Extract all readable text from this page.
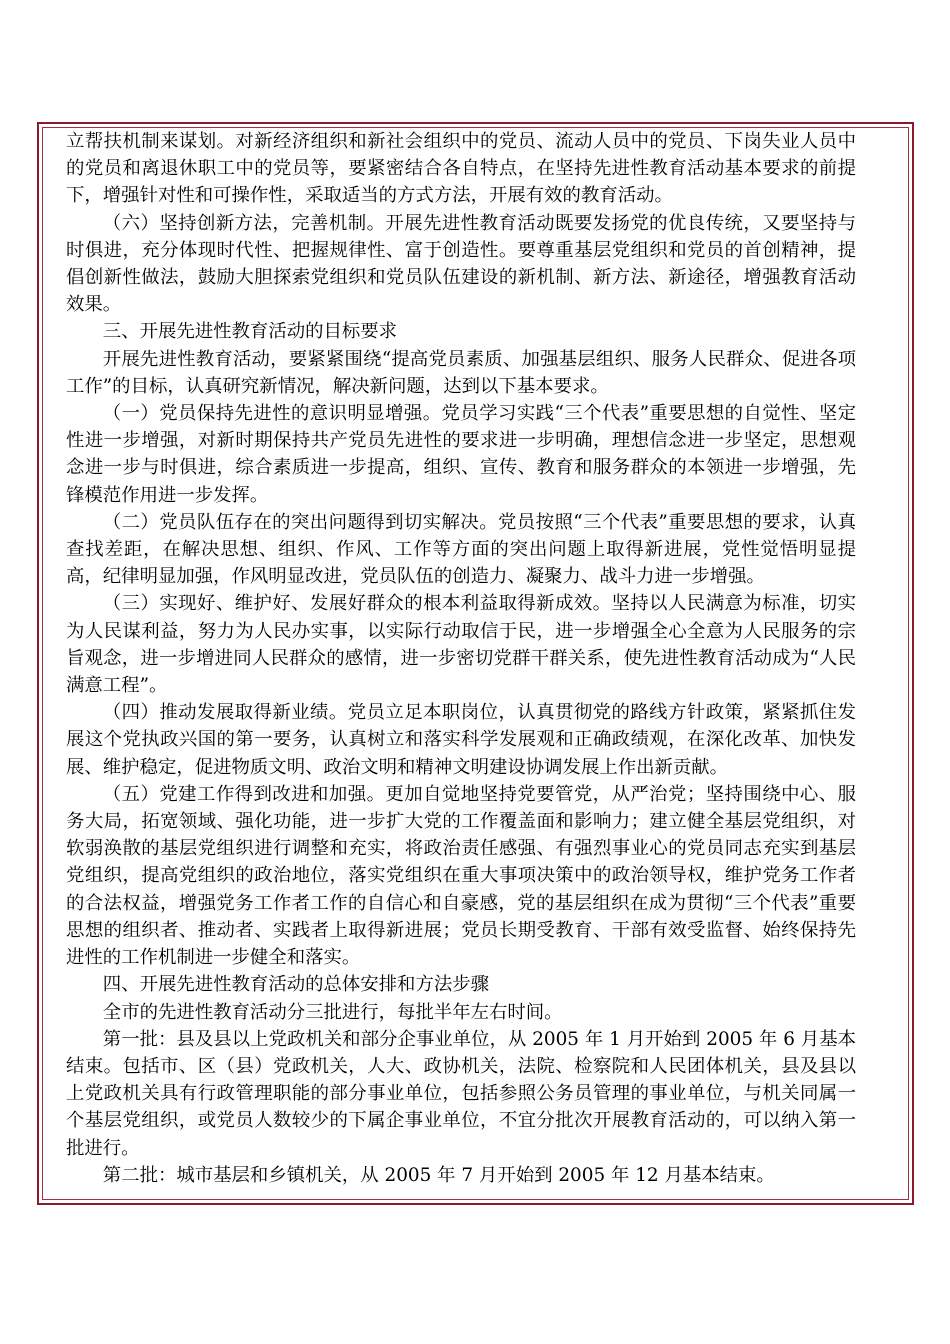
立帮扶机制来谋划。对新经济组织和新社会组织中的党员、流动人员中的党员、下岗失业人员中的党员和离退休职工中的党员等，要紧密结合各自特点，在坚持先进性教育活动基本要求的前提下，增强针对性和可操作性，采取适当的方式方法，开展有效的教育活动。

（六）坚持创新方法，完善机制。开展先进性教育活动既要发扬党的优良传统，又要坚持与时俱进，充分体现时代性、把握规律性、富于创造性。要尊重基层党组织和党员的首创精神，提倡创新性做法，鼓励大胆探索党组织和党员队伍建设的新机制、新方法、新途径，增强教育活动效果。

三、开展先进性教育活动的目标要求

开展先进性教育活动，要紧紧围绕“提高党员素质、加强基层组织、服务人民群众、促进各项工作”的目标，认真研究新情况，解决新问题，达到以下基本要求。

（一）党员保持先进性的意识明显增强。党员学习实践“三个代表”重要思想的自觉性、坚定性进一步增强，对新时期保持共产党员先进性的要求进一步明确，理想信念进一步坚定，思想观念进一步与时俱进，综合素质进一步提高，组织、宣传、教育和服务群众的本领进一步增强，先锋模范作用进一步发挥。

（二）党员队伍存在的突出问题得到切实解决。党员按照“三个代表”重要思想的要求，认真查找差距，在解决思想、组织、作风、工作等方面的突出问题上取得新进展，党性觉悟明显提高，纪律明显加强，作风明显改进，党员队伍的创造力、凝聚力、战斗力进一步增强。

（三）实现好、维护好、发展好群众的根本利益取得新成效。坚持以人民满意为标准，切实为人民谋利益，努力为人民办实事，以实际行动取信于民，进一步增强全心全意为人民服务的宗旨观念，进一步增进同人民群众的感情，进一步密切党群干群关系，使先进性教育活动成为“人民满意工程”。

（四）推动发展取得新业绩。党员立足本职岗位，认真贯彻党的路线方针政策，紧紧抓住发展这个党执政兴国的第一要务，认真树立和落实科学发展观和正确政绩观，在深化改革、加快发展、维护稳定，促进物质文明、政治文明和精神文明建设协调发展上作出新贡献。

（五）党建工作得到改进和加强。更加自觉地坚持党要管党，从严治党；坚持围绕中心、服务大局，拓宽领域、强化功能，进一步扩大党的工作覆盖面和影响力；建立健全基层党组织，对软弱涣散的基层党组织进行调整和充实，将政治责任感强、有强烈事业心的党员同志充实到基层党组织，提高党组织的政治地位，落实党组织在重大事项决策中的政治领导权，维护党务工作者的合法权益，增强党务工作者工作的自信心和自豪感，党的基层组织在成为贯彻“三个代表”重要思想的组织者、推动者、实践者上取得新进展；党员长期受教育、干部有效受监督、始终保持先进性的工作机制进一步健全和落实。

四、开展先进性教育活动的总体安排和方法步骤

全市的先进性教育活动分三批进行，每批半年左右时间。

第一批：县及县以上党政机关和部分企事业单位，从 2005 年 1 月开始到 2005 年 6 月基本结束。包括市、区（县）党政机关，人大、政协机关，法院、检察院和人民团体机关，县及县以上党政机关具有行政管理职能的部分事业单位，包括参照公务员管理的事业单位，与机关同属一个基层党组织，或党员人数较少的下属企事业单位，不宜分批次开展教育活动的，可以纳入第一批进行。

第二批：城市基层和乡镇机关，从 2005 年 7 月开始到 2005 年 12 月基本结束。
